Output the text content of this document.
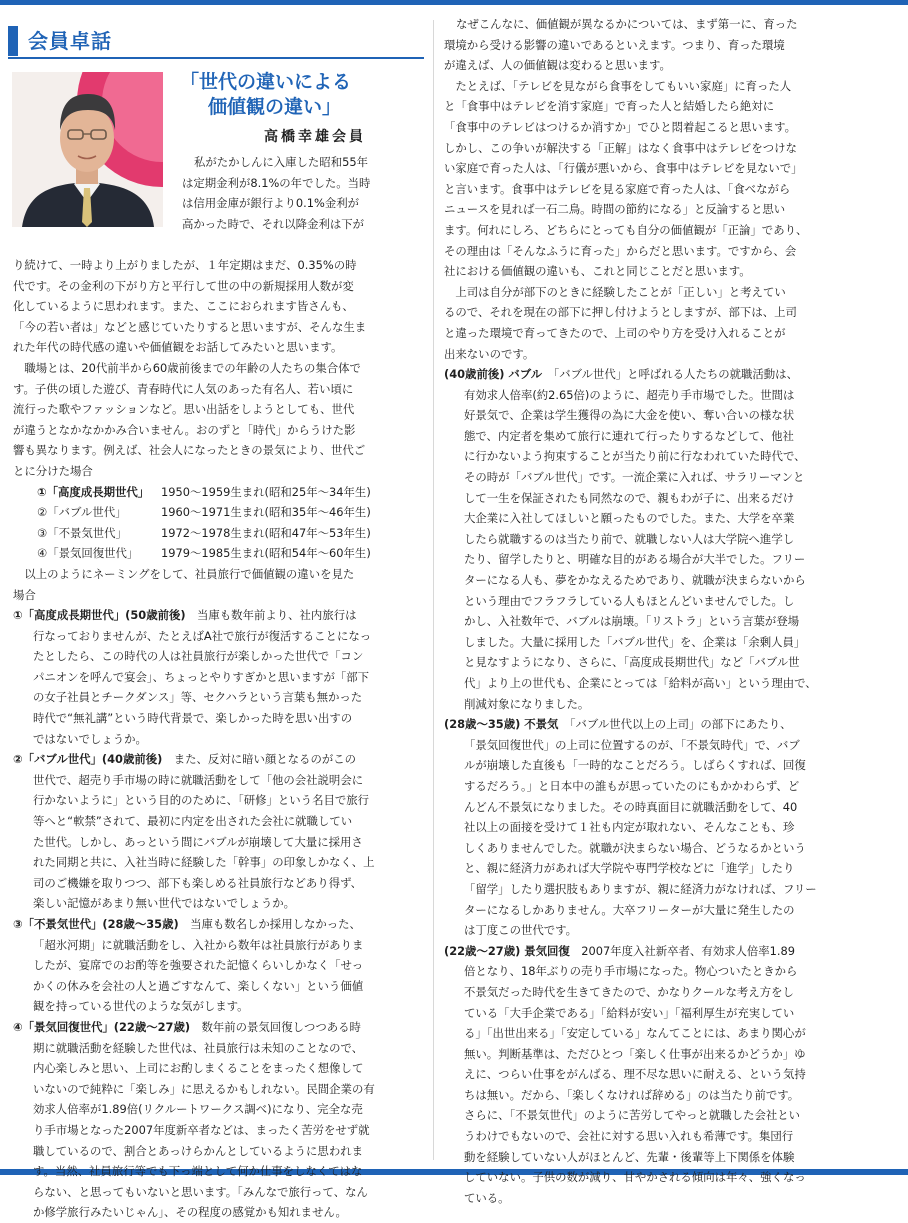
会員卓話
「世代の違いによる
価値観の違い」
高橋幸雄会員
私がたかしんに入庫した昭和55年
は定期金利が8.1%の年でした。当時
は信用金庫が銀行より0.1%金利が
高かった時で、それ以降金利は下が
り続けて、一時より上がりましたが、１年定期はまだ、0.35%の時
代です。その金利の下がり方と平行して世の中の新規採用人数が変
化しているように思われます。また、ここにおられます皆さんも、
「今の若い者は」などと感じていたりすると思いますが、そんな生ま
れた年代の時代感の違いや価値観をお話してみたいと思います。
　職場とは、20代前半から60歳前後までの年齢の人たちの集合体で
す。子供の頃した遊び、青春時代に人気のあった有名人、若い頃に
流行った歌やファッションなど。思い出話をしようとしても、世代
が違うとなかなかかみ合いません。おのずと「時代」からうけた影
響も異なります。例えば、社会人になったときの景気により、世代ご
とに分けた場合
①「高度成長期世代」 1950～1959生まれ(昭和25年～34年生)
②「バブル世代」	1960～1971生まれ(昭和35年～46年生)
③「不景気世代」	1972～1978生まれ(昭和47年～53年生)
④「景気回復世代」 1979～1985生まれ(昭和54年～60年生)
　以上のようにネーミングをして、社員旅行で価値観の違いを見た
場合
①「高度成長期世代」(50歳前後)　当庫も数年前より、社内旅行は
行なっておりませんが、たとえばA社で旅行が復活することになっ
たとしたら、この時代の人は社員旅行が楽しかった世代で「コン
パニオンを呼んで宴会」、ちょっとやりすぎかと思いますが「部下
の女子社員とチークダンス」等、セクハラという言葉も無かった
時代で“無礼講”という時代背景で、楽しかった時を思い出すの
ではないでしょうか。
②「バブル世代」(40歳前後)　また、反対に暗い顔となるのがこの
世代で、超売り手市場の時に就職活動をして「他の会社説明会に
行かないように」という目的のために、「研修」という名目で旅行
等へと“軟禁”されて、最初に内定を出された会社に就職してい
た世代。しかし、あっという間にバブルが崩壊して大量に採用さ
れた同期と共に、入社当時に経験した「幹事」の印象しかなく、上
司のご機嫌を取りつつ、部下も楽しめる社員旅行などあり得ず、
楽しい記憶があまり無い世代ではないでしょうか。
③「不景気世代」(28歳～35歳)　当庫も数名しか採用しなかった、
「超氷河期」に就職活動をし、入社から数年は社員旅行がありま
したが、宴席でのお酌等を強要された記憶くらいしかなく「せっ
かくの休みを会社の人と過ごすなんて、楽しくない」という価値
観を持っている世代のような気がします。
④「景気回復世代」(22歳～27歳)　数年前の景気回復しつつある時
期に就職活動を経験した世代は、社員旅行は未知のことなので、
内心楽しみと思い、上司にお酌しまくることをまったく想像して
いないので純粋に「楽しみ」に思えるかもしれない。民間企業の有
効求人倍率が1.89倍(リクルートワークス調べ)になり、完全な売
り手市場となった2007年度新卒者などは、まったく苦労をせず就
職しているので、割合とあっけらかんとしているように思われま
す。当然、社員旅行等でも下っ端として何か仕事をしなくてはな
らない、と思ってもいないと思います。「みんなで旅行って、なん
か修学旅行みたいじゃん」、その程度の感覚かも知れません。
なぜこんなに、価値観が異なるかについては、まず第一に、育った
環境から受ける影響の違いであるといえます。つまり、育った環境
が違えば、人の価値観は変わると思います。
　たとえば、「テレビを見ながら食事をしてもいい家庭」に育った人
と「食事中はテレビを消す家庭」で育った人と結婚したら絶対に
「食事中のテレビはつけるか消すか」でひと悶着起こると思います。
しかし、この争いが解決する「正解」はなく食事中はテレビをつけな
い家庭で育った人は、「行儀が悪いから、食事中はテレビを見ないで」
と言います。食事中はテレビを見る家庭で育った人は、「食べながら
ニュースを見れば一石二鳥。時間の節約になる」と反論すると思い
ます。何れにしろ、どちらにとっても自分の価値観が「正論」であり、
その理由は「そんなふうに育った」からだと思います。ですから、会
社における価値観の違いも、これと同じことだと思います。
　上司は自分が部下のときに経験したことが「正しい」と考えてい
るので、それを現在の部下に押し付けようとしますが、部下は、上司
と違った環境で育ってきたので、上司のやり方を受け入れることが
出来ないのです。
(40歳前後) バブル　「バブル世代」と呼ばれる人たちの就職活動は、
有効求人倍率(約2.65倍)のように、超売り手市場でした。世間は
好景気で、企業は学生獲得の為に大金を使い、奪い合いの様な状
態で、内定者を集めて旅行に連れて行ったりするなどして、他社
に行かないよう拘束することが当たり前に行なわれていた時代で、
その時が「バブル世代」です。一流企業に入れば、サラリーマンと
して一生を保証されたも同然なので、親もわが子に、出来るだけ
大企業に入社してほしいと願ったものでした。また、大学を卒業
したら就職するのは当たり前で、就職しない人は大学院へ進学し
たり、留学したりと、明確な目的がある場合が大半でした。フリー
ターになる人も、夢をかなえるためであり、就職が決まらないから
という理由でフラフラしている人もほとんどいませんでした。し
かし、入社数年で、バブルは崩壊。「リストラ」という言葉が登場
しました。大量に採用した「バブル世代」を、企業は「余剰人員」
と見なすようになり、さらに、「高度成長期世代」など「バブル世
代」より上の世代も、企業にとっては「給料が高い」という理由で、
削減対象になりました。
(28歳～35歳) 不景気　「バブル世代以上の上司」の部下にあたり、
「景気回復世代」の上司に位置するのが、「不景気時代」で、バブ
ルが崩壊した直後も「一時的なことだろう。しばらくすれば、回復
するだろう。」と日本中の誰もが思っていたのにもかかわらず、ど
んどん不景気になりました。その時真面目に就職活動をして、40
社以上の面接を受けて１社も内定が取れない、そんなことも、珍
しくありませんでした。就職が決まらない場合、どうなるかという
と、親に経済力があれば大学院や専門学校などに「進学」したり
「留学」したり選択肢もありますが、親に経済力がなければ、フリー
ターになるしかありません。大卒フリーターが大量に発生したの
は丁度この世代です。
(22歳～27歳) 景気回復　2007年度入社新卒者、有効求人倍率1.89
倍となり、18年ぶりの売り手市場になった。物心ついたときから
不景気だった時代を生きてきたので、かなりクールな考え方をし
ている「大手企業である」「給料が安い」「福利厚生が充実してい
る」「出世出来る」「安定している」なんてことには、あまり関心が
無い。判断基準は、ただひとつ「楽しく仕事が出来るかどうか」ゆ
えに、つらい仕事をがんばる、理不尽な思いに耐える、という気持
ちは無い。だから、「楽しくなければ辞める」のは当たり前です。
さらに、「不景気世代」のように苦労してやっと就職した会社とい
うわけでもないので、会社に対する思い入れも希薄です。集団行
動を経験していない人がほとんど、先輩・後輩等上下関係を体験
していない。子供の数が減り、甘やかされる傾向は年々、強くなっ
ている。
